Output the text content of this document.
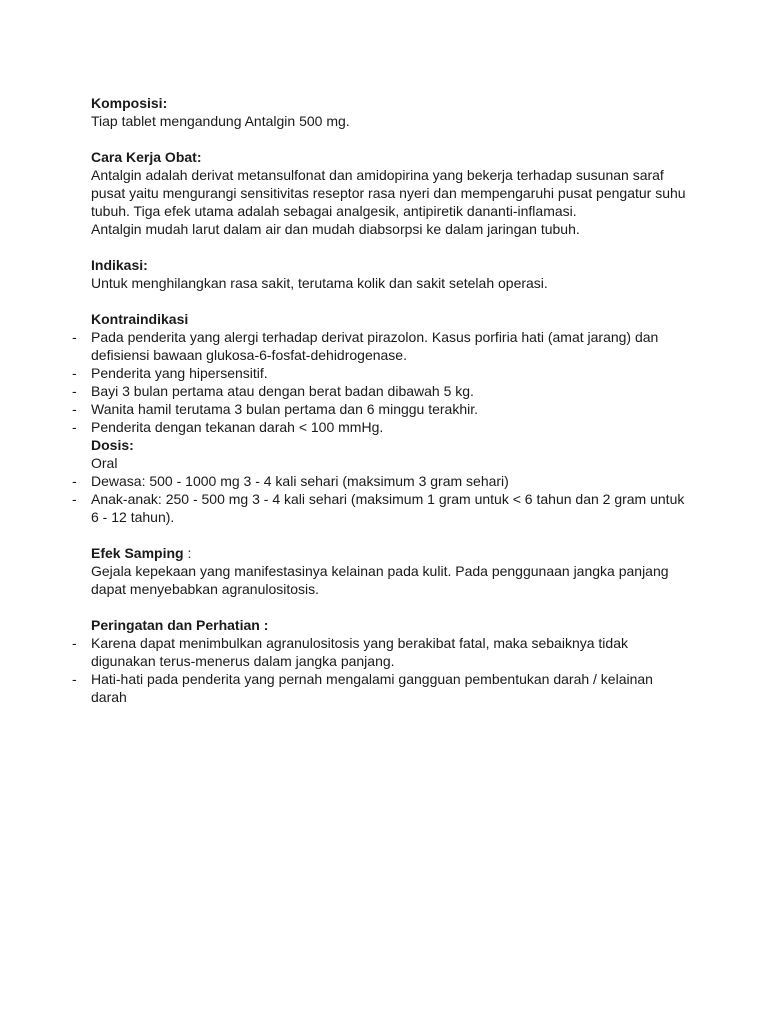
Komposisi:

Tiap tablet mengandung Antalgin 500 mg.

Cara Kerja Obat:

Antalgin adalah derivat metansulfonat dan amidopirina yang bekerja terhadap susunan saraf pusat yaitu mengurangi sensitivitas reseptor rasa nyeri dan mempengaruhi pusat pengatur suhu tubuh. Tiga efek utama adalah sebagai analgesik, antipiretik dananti-inflamasi.

Antalgin mudah larut dalam air dan mudah diabsorpsi ke dalam jaringan tubuh.

Indikasi:

Untuk menghilangkan rasa sakit, terutama kolik dan sakit setelah operasi.

Kontraindikasi

- Pada penderita yang alergi terhadap derivat pirazolon. Kasus porfiria hati (amat jarang) dan defisiensi bawaan glukosa-6-fosfat-dehidrogenase.
- Penderita yang hipersensitif.
- Bayi 3 bulan pertama atau dengan berat badan dibawah 5 kg.
- Wanita hamil terutama 3 bulan pertama dan 6 minggu terakhir.
- Penderita dengan tekanan darah < 100 mmHg.

Dosis:

Oral

- Dewasa: 500 - 1000 mg 3 - 4 kali sehari (maksimum 3 gram sehari)
- Anak-anak: 250 - 500 mg 3 - 4 kali sehari (maksimum 1 gram untuk < 6 tahun dan 2 gram untuk 6 - 12 tahun).

Efek Samping :

Gejala kepekaan yang manifestasinya kelainan pada kulit. Pada penggunaan jangka panjang dapat menyebabkan agranulositosis.

Peringatan dan Perhatian :

- Karena dapat menimbulkan agranulositosis yang berakibat fatal, maka sebaiknya tidak digunakan terus-menerus dalam jangka panjang.
- Hati-hati pada penderita yang pernah mengalami gangguan pembentukan darah / kelainan darah
